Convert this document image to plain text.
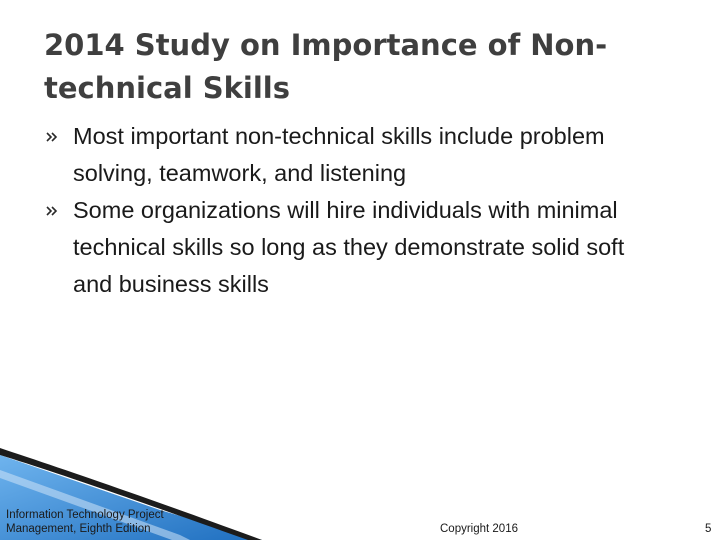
2014 Study on Importance of Non-technical Skills
Most important non-technical skills include problem solving, teamwork, and listening
Some organizations will hire individuals with minimal technical skills so long as they demonstrate solid soft and business skills
Information Technology Project
Management, Eighth Edition	Copyright 2016	5
